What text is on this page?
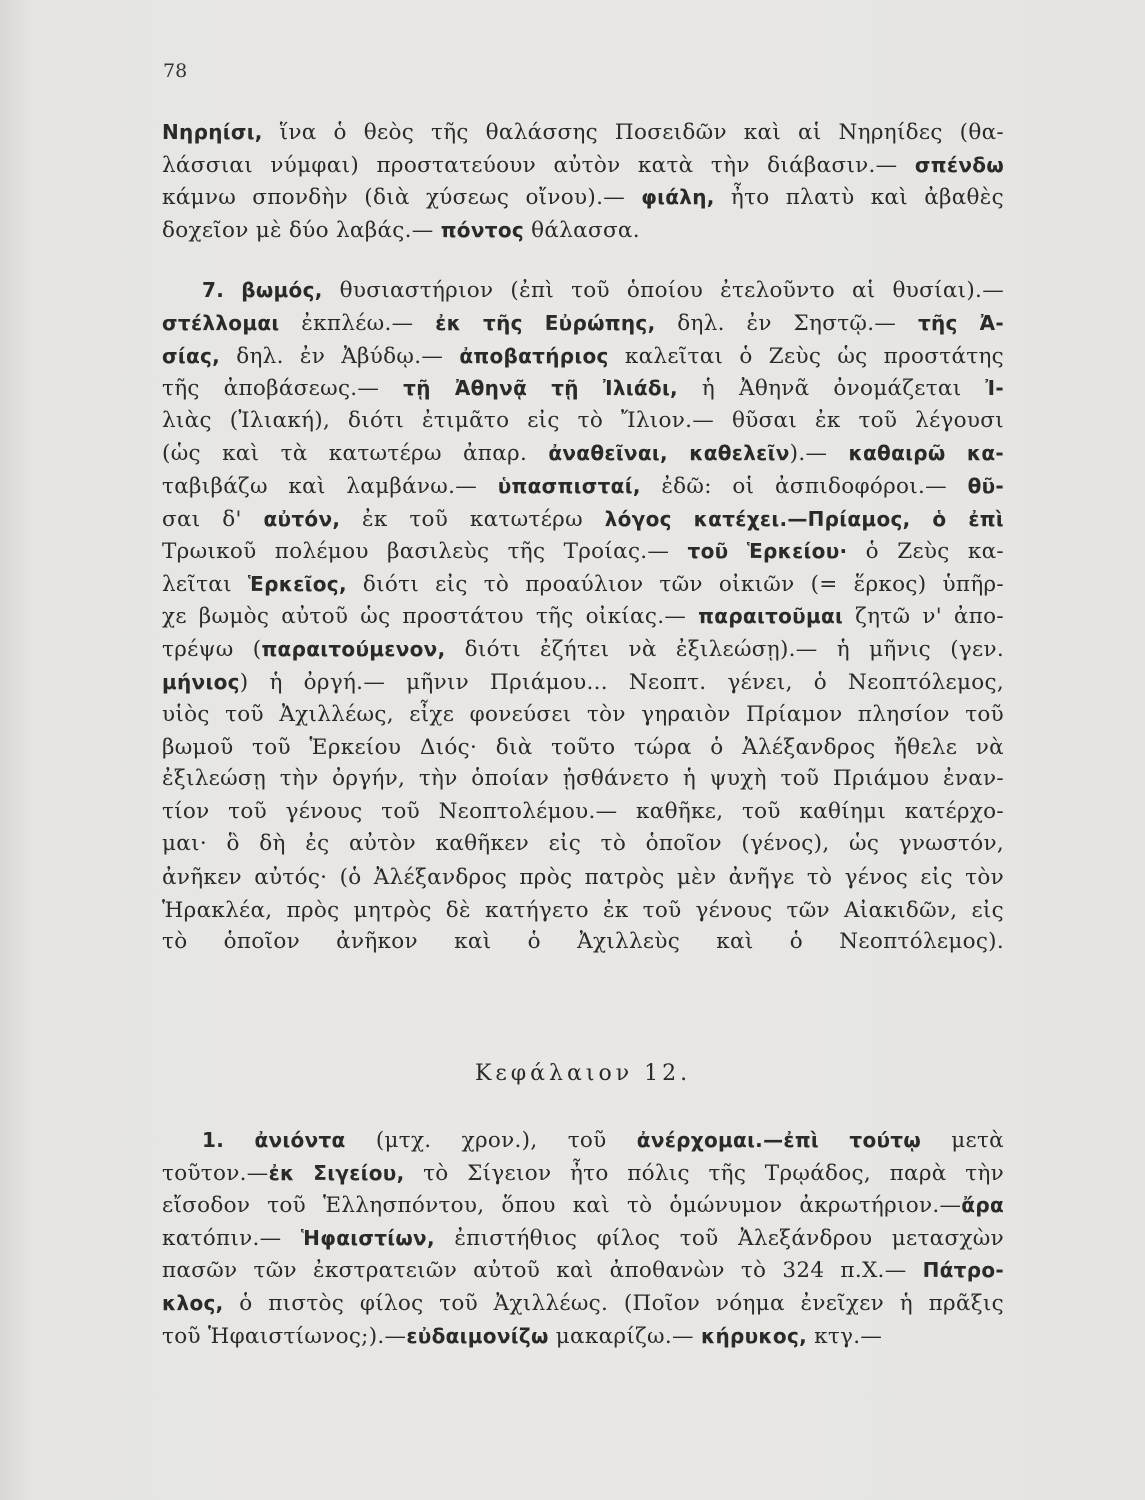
78
Νηρηίσι, ἵνα ὁ θεὸς τῆς θαλάσσης Ποσειδῶν καὶ αἱ Νηρηίδες (θα-
λάσσιαι νύμφαι) προστατεύουν αὐτὸν κατὰ τὴν διάβασιν.— σπένδω
κάμνω σπονδὴν (διὰ χύσεως οἴνου).— φιάλη, ἦτο πλατὺ καὶ ἀβαθὲς
δοχεῖον μὲ δύο λαβάς.— πόντος θάλασσα.
7. βωμός, θυσιαστήριον (ἐπὶ τοῦ ὁποίου ἐτελοῦντο αἱ θυσίαι).—
στέλλομαι ἐκπλέω.— ἐκ τῆς Εὐρώπης, δηλ. ἐν Σηστῷ.— τῆς Ἀ-
σίας, δηλ. ἐν Ἀβύδῳ.— ἀποβατήριος καλεῖται ὁ Ζεὺς ὡς προστάτης
τῆς ἀποβάσεως.— τῇ Ἀθηνᾷ τῇ Ἰλιάδι, ἡ Ἀθηνᾶ ὀνομάζεται Ἰ-
λιὰς (Ἰλιακή), διότι ἐτιμᾶτο εἰς τὸ Ἴλιον.— θῦσαι ἐκ τοῦ λέγουσι
(ὡς καὶ τὰ κατωτέρω ἀπαρ. ἀναθεῖναι, καθελεῖν).— καθαιρῶ κα-
ταβιβάζω καὶ λαμβάνω.— ὑπασπισταί, ἐδῶ: οἱ ἀσπιδοφόροι.— θῦ-
σαι δ' αὐτόν, ἐκ τοῦ κατωτέρω λόγος κατέχει.—Πρίαμος, ὁ ἐπὶ
Τρωικοῦ πολέμου βασιλεὺς τῆς Τροίας.— τοῦ Ἑρκείου· ὁ Ζεὺς κα-
λεῖται Ἑρκεῖος, διότι εἰς τὸ προαύλιον τῶν οἰκιῶν (= ἕρκος) ὑπῆρ-
χε βωμὸς αὐτοῦ ὡς προστάτου τῆς οἰκίας.— παραιτοῦμαι ζητῶ ν' ἀπο-
τρέψω (παραιτούμενον, διότι ἐζήτει νὰ ἐξιλεώσῃ).— ἡ μῆνις (γεν.
μήνιος) ἡ ὀργή.— μῆνιν Πριάμου... Νεοπτ. γένει, ὁ Νεοπτόλεμος,
υἱὸς τοῦ Ἀχιλλέως, εἶχε φονεύσει τὸν γηραιὸν Πρίαμον πλησίον τοῦ
βωμοῦ τοῦ Ἑρκείου Διός· διὰ τοῦτο τώρα ὁ Ἀλέξανδρος ἤθελε νὰ
ἐξιλεώσῃ τὴν ὀργήν, τὴν ὁποίαν ᾐσθάνετο ἡ ψυχὴ τοῦ Πριάμου ἐναν-
τίον τοῦ γένους τοῦ Νεοπτολέμου.— καθῆκε, τοῦ καθίημι κατέρχο-
μαι· ὃ δὴ ἐς αὐτὸν καθῆκεν εἰς τὸ ὁποῖον (γένος), ὡς γνωστόν,
ἀνῆκεν αὐτός· (ὁ Ἀλέξανδρος πρὸς πατρὸς μὲν ἀνῆγε τὸ γένος εἰς τὸν
Ἡρακλέα, πρὸς μητρὸς δὲ κατήγετο ἐκ τοῦ γένους τῶν Αἰακιδῶν, εἰς
τὸ ὁποῖον ἀνῆκον καὶ ὁ Ἀχιλλεὺς καὶ ὁ Νεοπτόλεμος).
Κεφάλαιον 12.
1. ἀνιόντα (μτχ. χρον.), τοῦ ἀνέρχομαι.—ἐπὶ τούτῳ μετὰ
τοῦτον.—ἐκ Σιγείου, τὸ Σίγειον ἦτο πόλις τῆς Τρῳάδος, παρὰ τὴν
εἴσοδον τοῦ Ἑλλησπόντου, ὅπου καὶ τὸ ὁμώνυμον ἀκρωτήριον.—ἄρα
κατόπιν.— Ἡφαιστίων, ἐπιστήθιος φίλος τοῦ Ἀλεξάνδρου μετασχὼν
πασῶν τῶν ἐκστρατειῶν αὐτοῦ καὶ ἀποθανὼν τὸ 324 π.Χ.— Πάτρο-
κλος, ὁ πιστὸς φίλος τοῦ Ἀχιλλέως. (Ποῖον νόημα ἐνεῖχεν ἡ πρᾶξις
τοῦ Ἡφαιστίωνος;).—εὐδαιμονίζω μακαρίζω.— κήρυκος, κτγ.—
